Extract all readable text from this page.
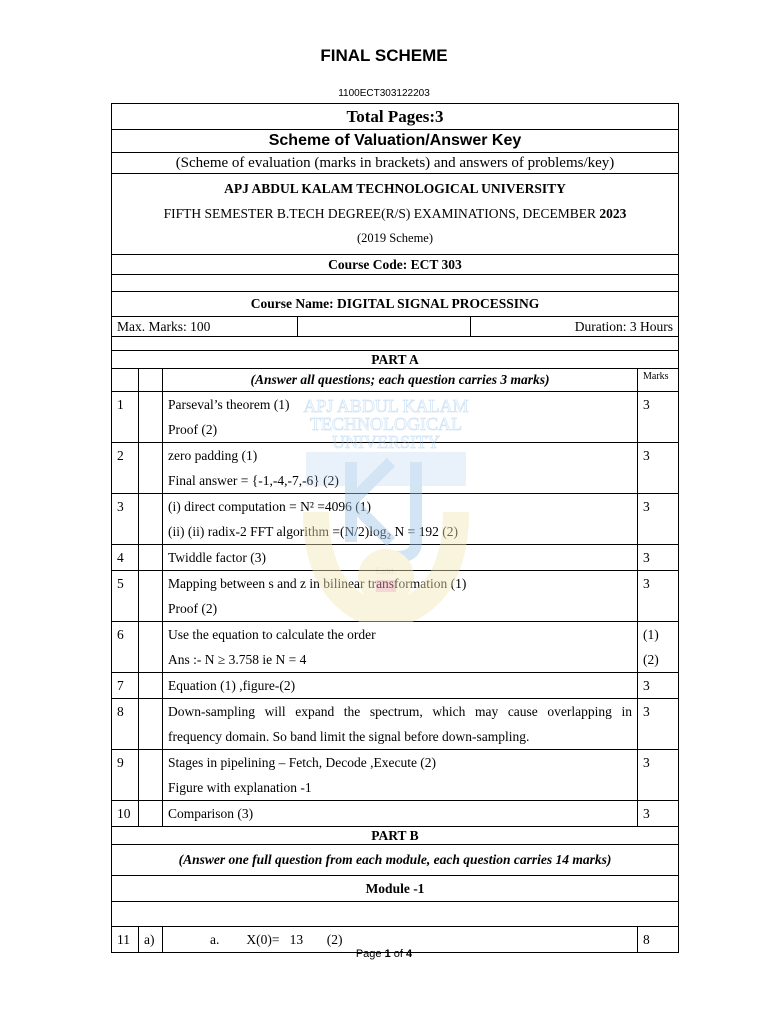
FINAL SCHEME
1100ECT303122203
Total Pages:3			
Scheme of Valuation/Answer Key			
(Scheme of evaluation (marks in brackets) and answers of problems/key)			

APJ ABDUL KALAM TECHNOLOGICAL UNIVERSITY
FIFTH SEMESTER B.TECH DEGREE(R/S) EXAMINATIONS, DECEMBER 2023
(2019 Scheme)			

Course Code: ECT 303			

Course Name: DIGITAL SIGNAL PROCESSING			

Max. Marks: 100 Duration: 3 Hours			

PART A			
		(Answer all questions; each question carries 3 marks)	Marks
1		Parseval’s theorem (1)
Proof (2)	3
2		zero padding (1)
Final answer = {-1,-4,-7,-6} (2)	3
3		(i) direct computation = N² =4096 (1)
(ii) (ii) radix-2 FFT algorithm =(N/2)log₂ N = 192 (2)	3
4		Twiddle factor (3)	3
5		Mapping between s and z in bilinear transformation (1)
Proof (2)	3
6		Use the equation to calculate the order
Ans :- N ≥ 3.758 ie N = 4	(1)
(2)

7		Equation (1) ,figure-(2)	3
8		Down-sampling will expand the spectrum, which may cause overlapping in
frequency domain. So band limit the signal before down-sampling.	3
9		Stages in pipelining – Fetch, Decode ,Execute (2)
Figure with explanation -1	3
10		Comparison (3)	3
PART B			
(Answer one full question from each module, each question carries 14 marks)			
Module -1			

11	a)	a.        X(0)=   13       (2)	8
APJ ABDUL KALAM
TECHNOLOGICAL
UNIVERSITY
Estd.
Page 1 of 4
